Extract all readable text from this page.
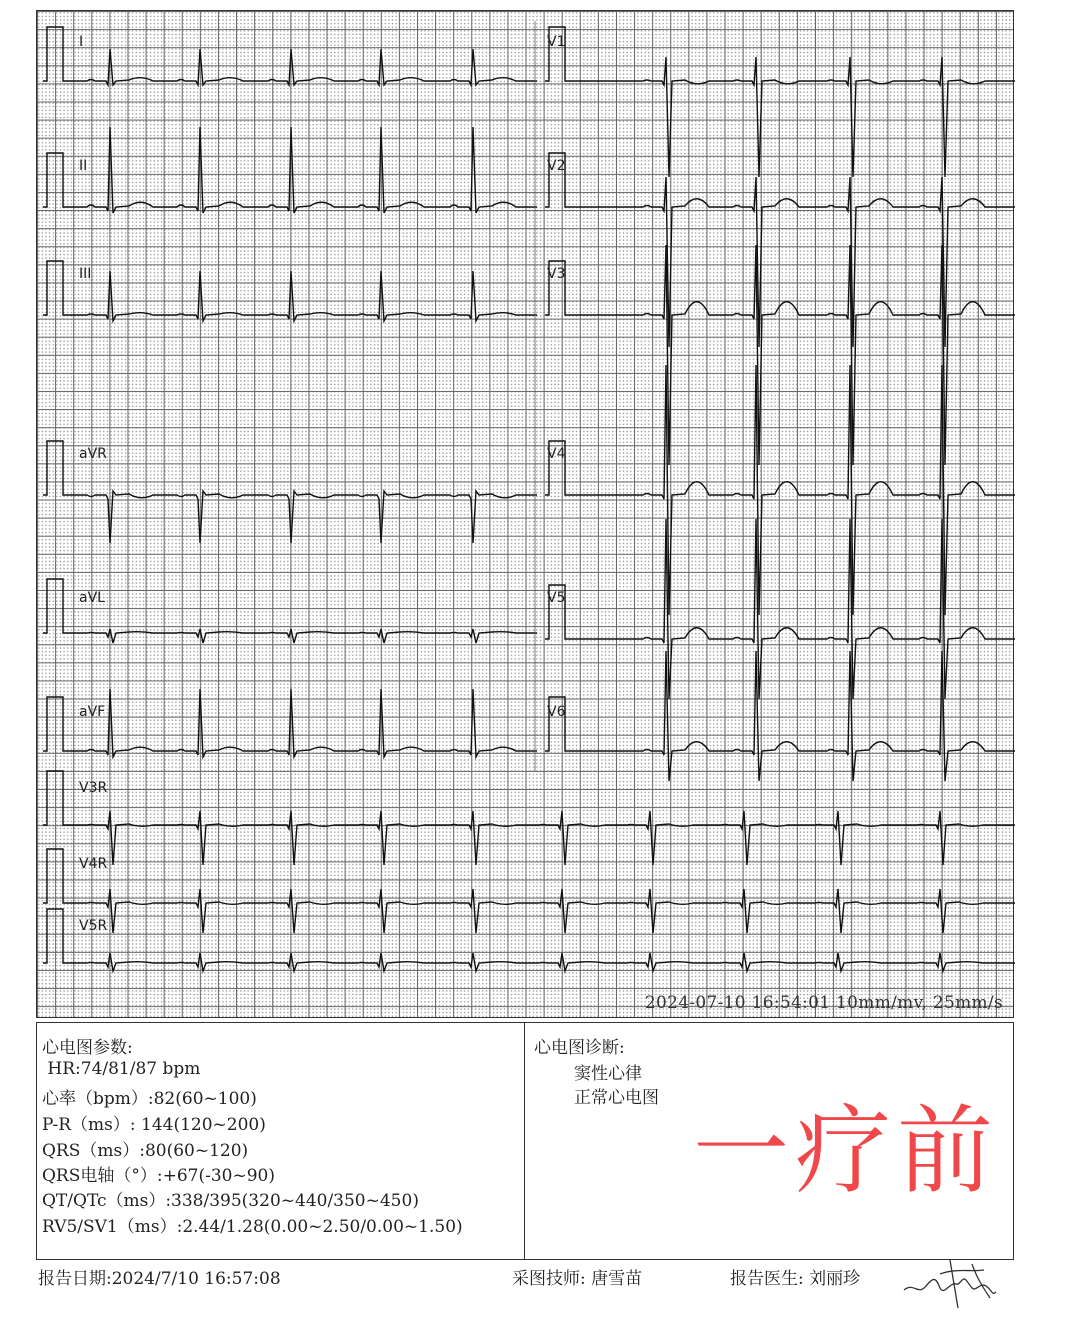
I
II
III
aVR
aVL
aVF
V1
V2
V3
V4
V5
V6
V3R
V4R
V5R
2024-07-10 16:54:01 10mm/mv, 25mm/s
心电图参数:
HR:74/81/87 bpm
心率（bpm）:82(60~100)
P-R（ms）: 144(120~200)
QRS（ms）:80(60~120)
QRS电轴（°）:+67(-30~90)
QT/QTc（ms）:338/395(320~440/350~450)
RV5/SV1（ms）:2.44/1.28(0.00~2.50/0.00~1.50)
心电图诊断:
窦性心律
正常心电图 一疗前
报告日期:2024/7/10 16:57:08	采图技师: 唐雪苗	报告医生: 刘丽珍
